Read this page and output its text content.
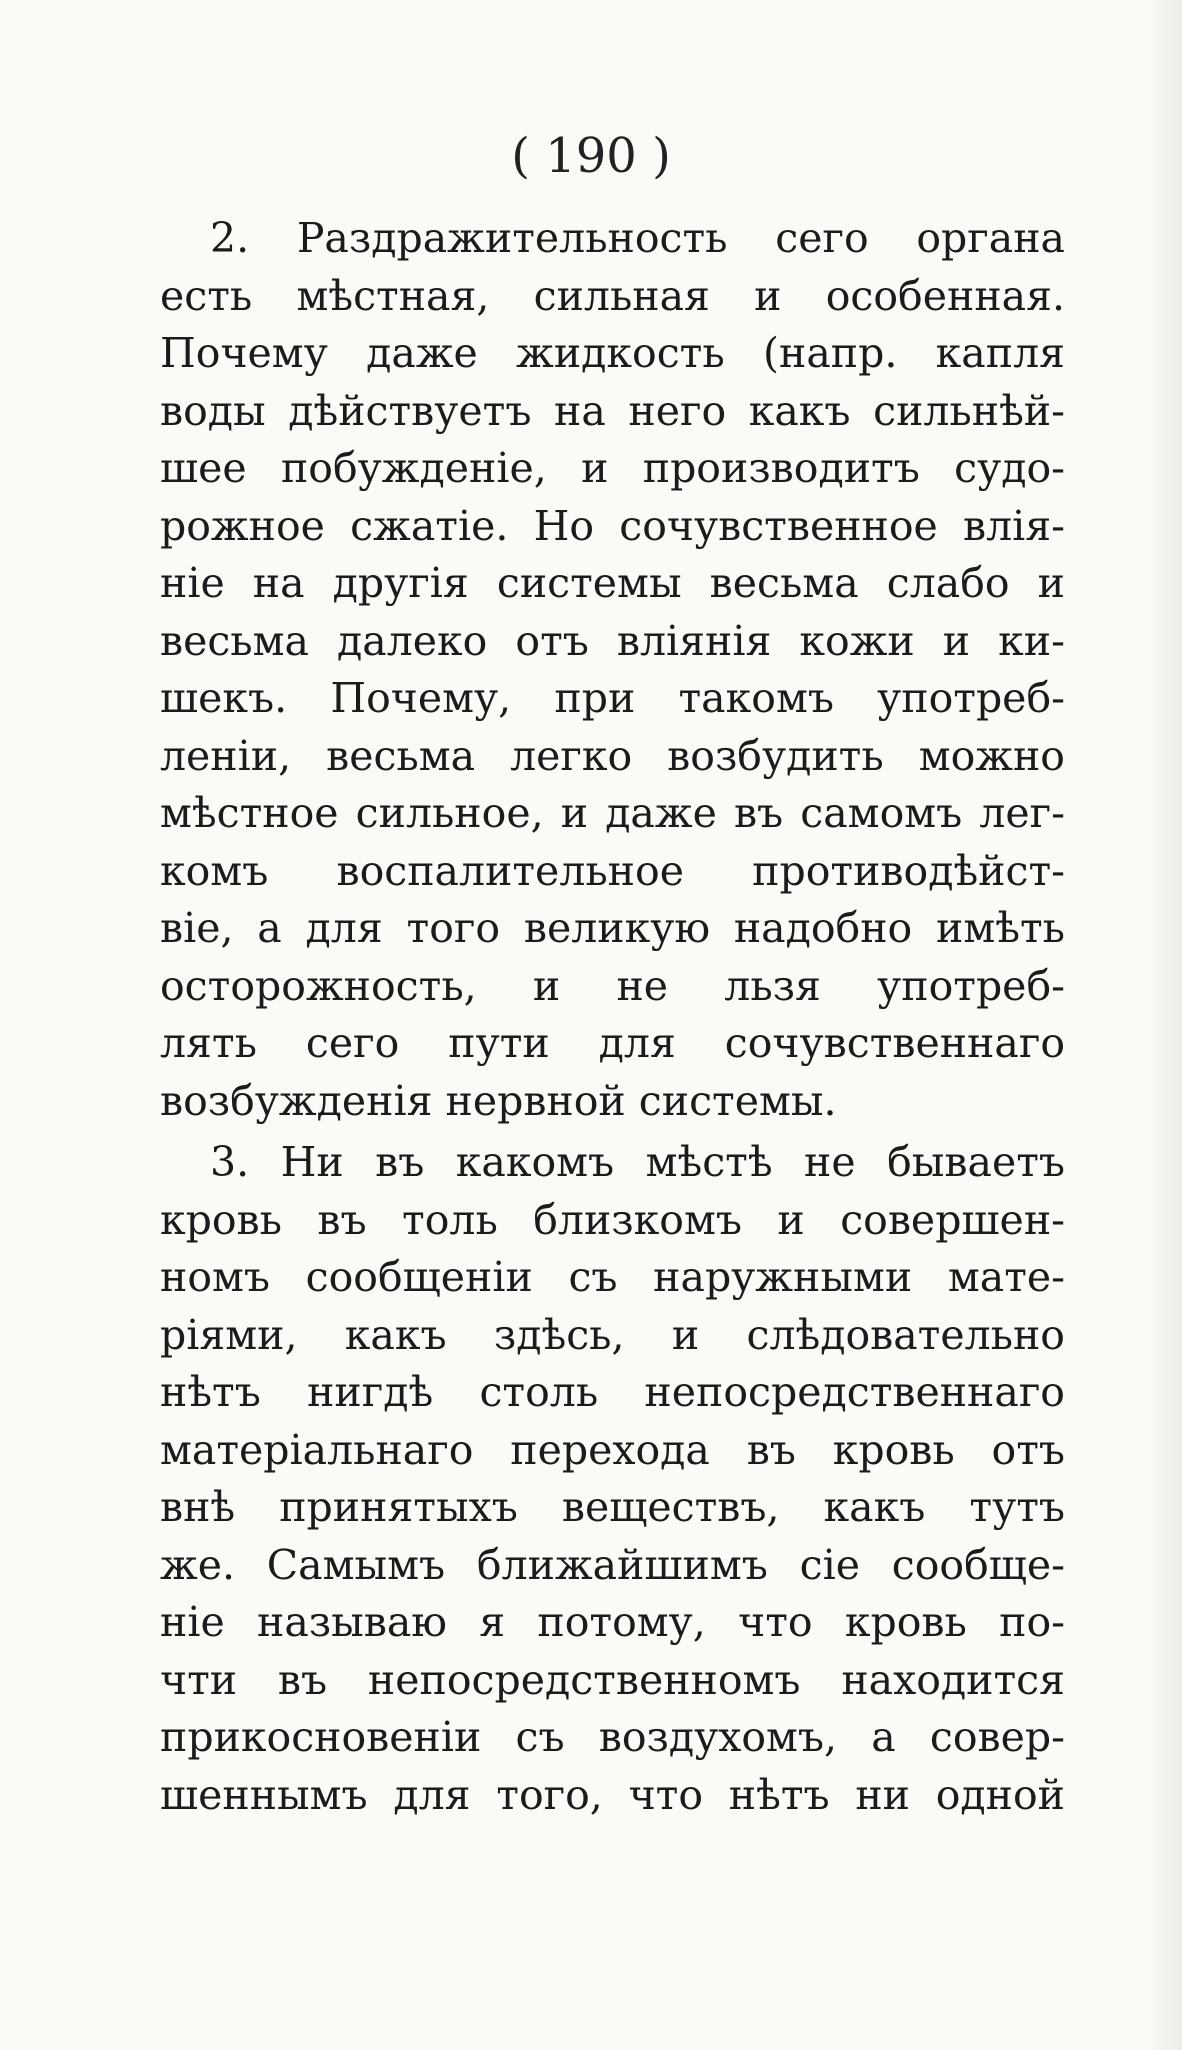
( 190 )
2. Раздражительность сего органа
есть мѣстная, сильная и особенная.
Почему даже жидкость (напр. капля
воды дѣйствуетъ на него какъ сильнѣй-
шее побужденіе, и производитъ судо-
рожное сжатіе. Но сочувственное влія-
ніе на другія системы весьма слабо и
весьма далеко отъ влiянiя кожи и ки-
шекъ. Почему, при такомъ употреб-
леніи, весьма легко возбудить можно
мѣстное сильное, и даже въ самомъ лег-
комъ воспалительное противодѣйст-
віе, а для того великую надобно имѣть
осторожность, и не льзя употреб-
лять сего пути для сочувственнаго
возбужденія нервной системы.
3. Ни въ какомъ мѣстѣ не бываетъ
кровь въ толь близкомъ и совершен-
номъ сообщеніи съ наружными мате-
ріями, какъ здѣсь, и слѣдовательно
нѣтъ нигдѣ столь непосредственнаго
матеріальнаго перехода въ кровь отъ
внѣ принятыхъ веществъ, какъ тутъ
же. Самымъ ближайшимъ сіе сообще-
ніе называю я потому, что кровь по-
чти въ непосредственномъ находится
прикосновеніи съ воздухомъ, а совер-
шеннымъ для того, что нѣтъ ни одной
